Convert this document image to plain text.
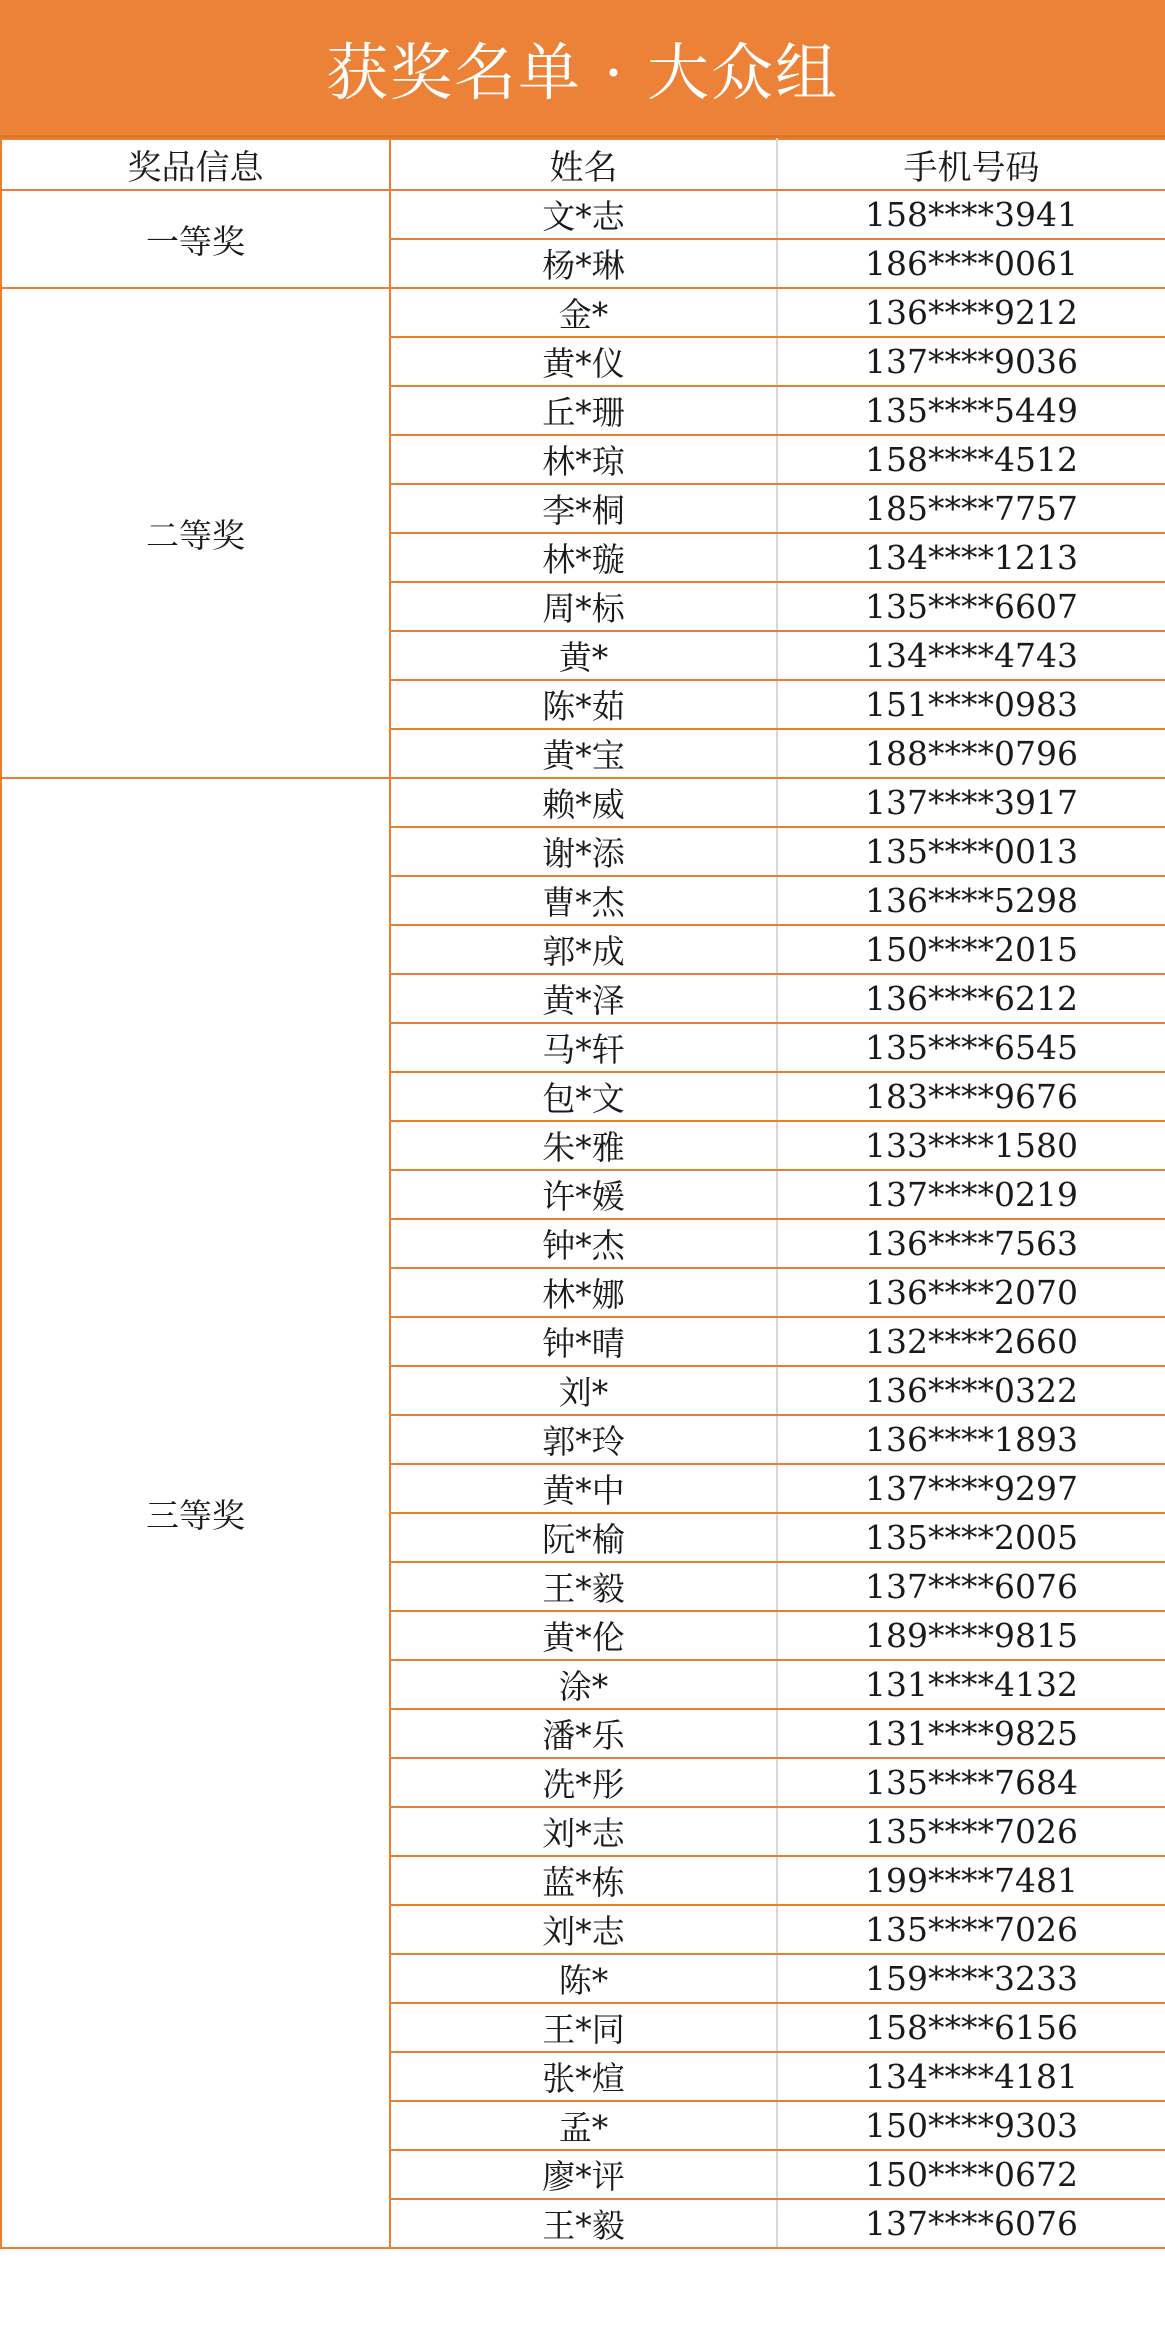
获奖名单 · 大众组
奖品信息	姓名	手机号码
一等奖	文*志	158****3941
	杨*琳	186****0061
二等奖	金*	136****9212
	黄*仪	137****9036
	丘*珊	135****5449
	林*琼	158****4512
	李*桐	185****7757
	林*璇	134****1213
	周*标	135****6607
	黄*	134****4743
	陈*茹	151****0983
	黄*宝	188****0796
三等奖	赖*威	137****3917
	谢*添	135****0013
	曹*杰	136****5298
	郭*成	150****2015
	黄*泽	136****6212
	马*轩	135****6545
	包*文	183****9676
	朱*雅	133****1580
	许*媛	137****0219
	钟*杰	136****7563
	林*娜	136****2070
	钟*晴	132****2660
	刘*	136****0322
	郭*玲	136****1893
	黄*中	137****9297
	阮*榆	135****2005
	王*毅	137****6076
	黄*伦	189****9815
	涂*	131****4132
	潘*乐	131****9825
	冼*彤	135****7684
	刘*志	135****7026
	蓝*栋	199****7481
	刘*志	135****7026
	陈*	159****3233
	王*同	158****6156
	张*煊	134****4181
	孟*	150****9303
	廖*评	150****0672
	王*毅	137****6076
